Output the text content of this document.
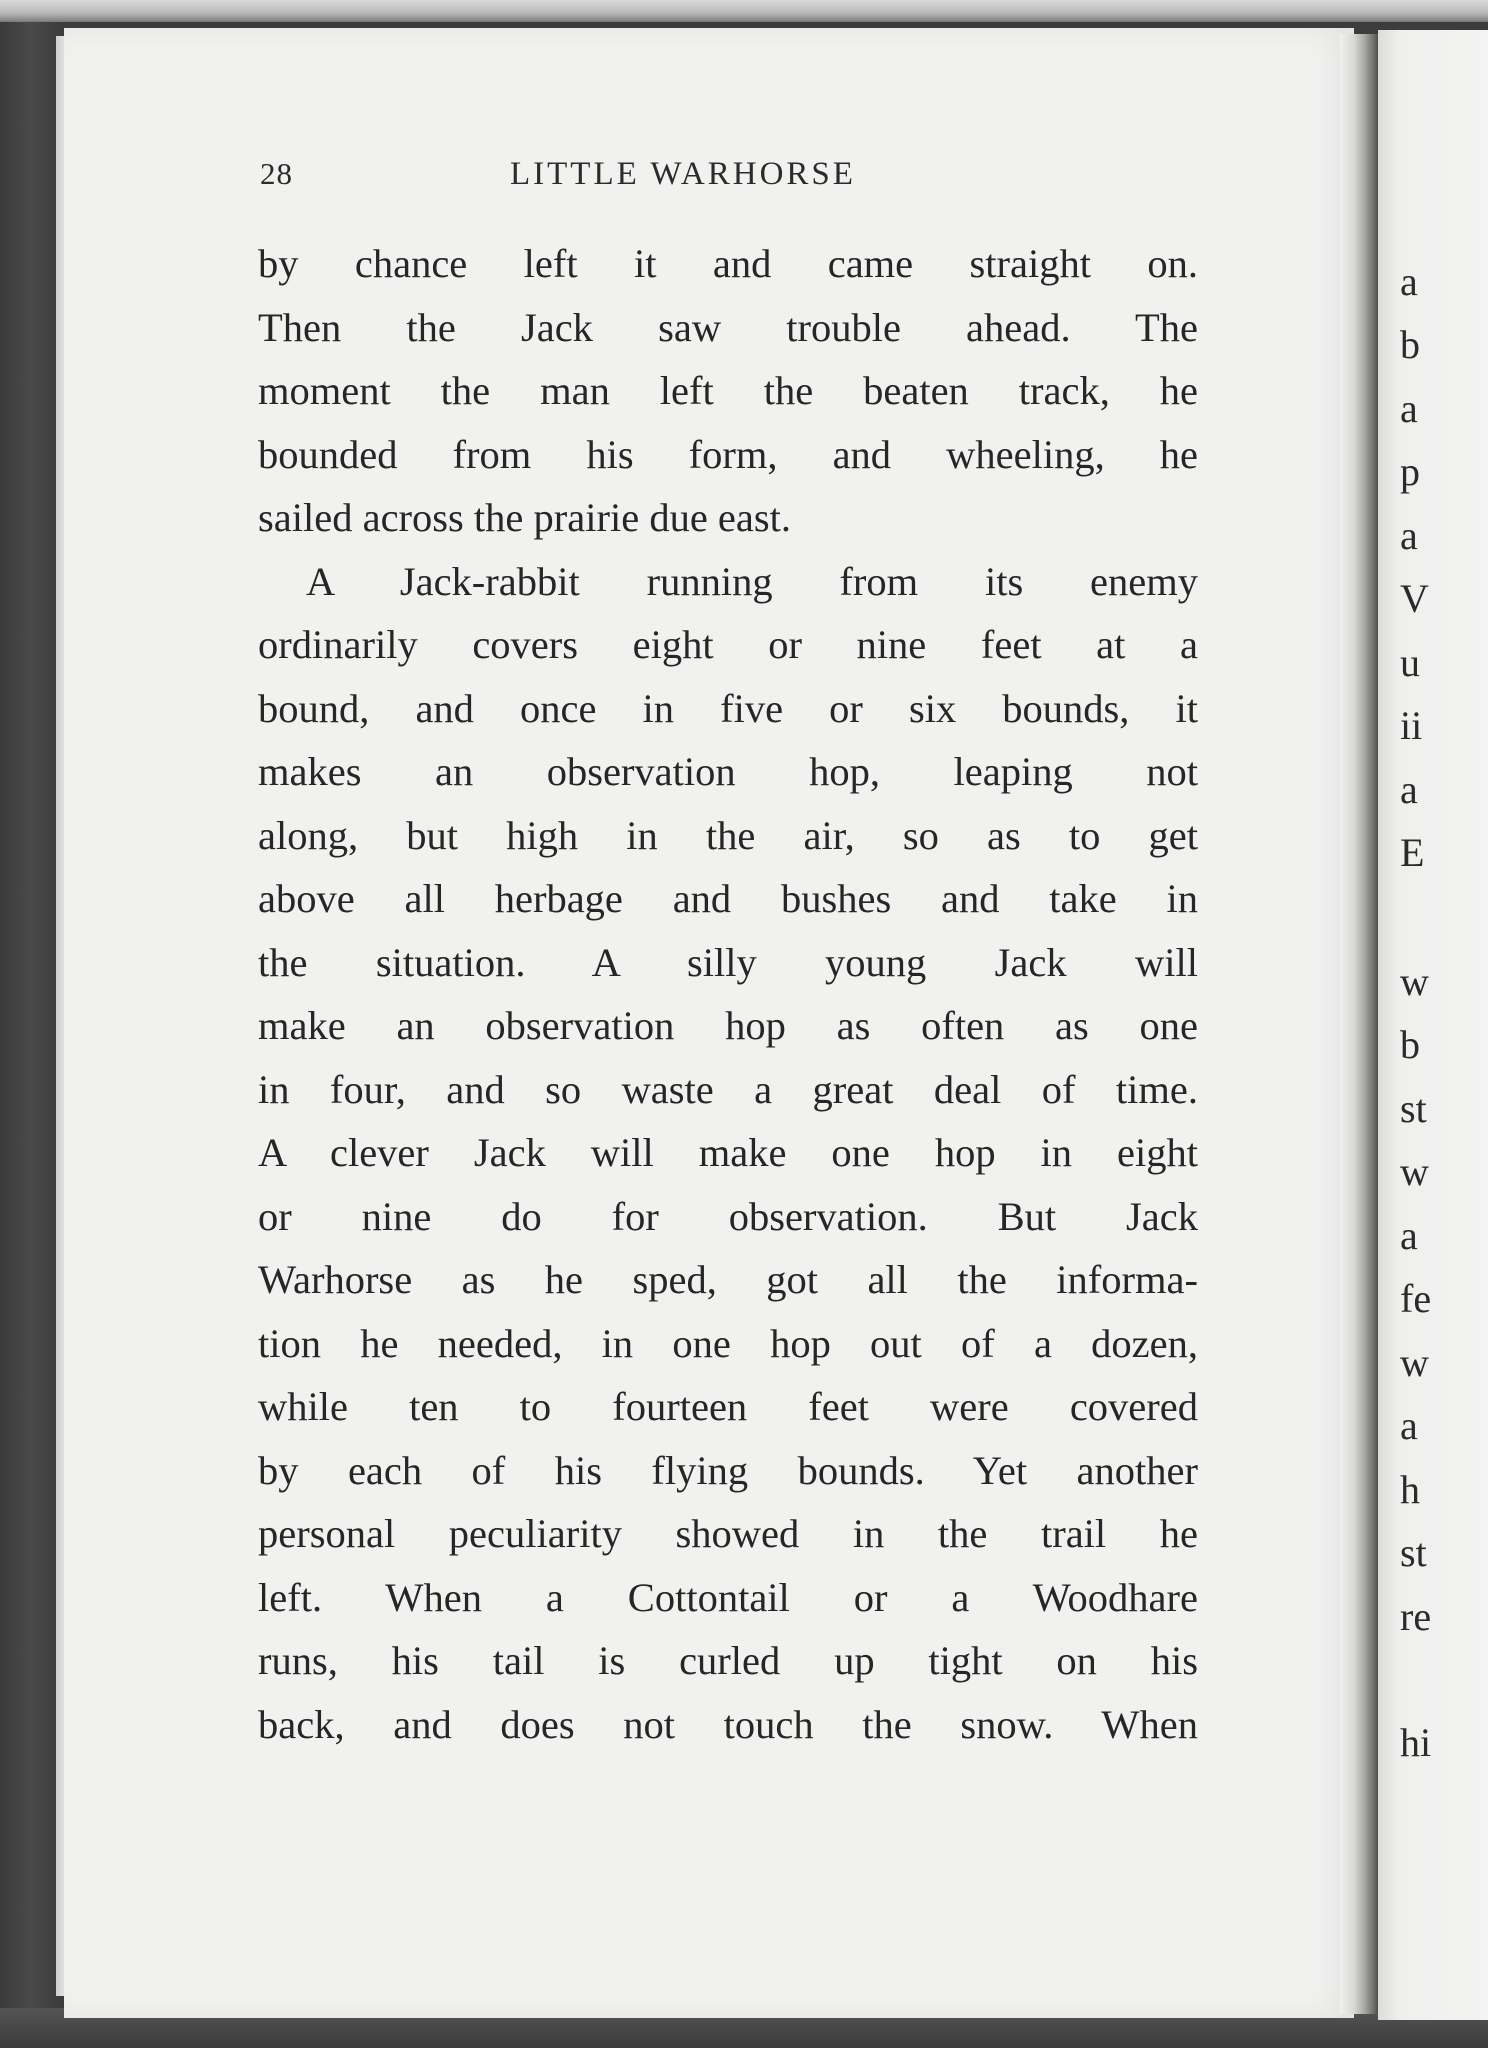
a
b
a
p
a
V
u
ii
a
E
w
b
st
w
a
fe
w
a
h
st
re
hi
28	LITTLE WARHORSE
by chance left it and came straight on.
Then the Jack saw trouble ahead. The
moment the man left the beaten track, he
bounded from his form, and wheeling, he
sailed across the prairie due east.
A Jack-rabbit running from its enemy
ordinarily covers eight or nine feet at a
bound, and once in five or six bounds, it
makes an observation hop, leaping not
along, but high in the air, so as to get
above all herbage and bushes and take in
the situation. A silly young Jack will
make an observation hop as often as one
in four, and so waste a great deal of time.
A clever Jack will make one hop in eight
or nine do for observation. But Jack
Warhorse as he sped, got all the informa-
tion he needed, in one hop out of a dozen,
while ten to fourteen feet were covered
by each of his flying bounds. Yet another
personal peculiarity showed in the trail he
left. When a Cottontail or a Woodhare
runs, his tail is curled up tight on his
back, and does not touch the snow. When
